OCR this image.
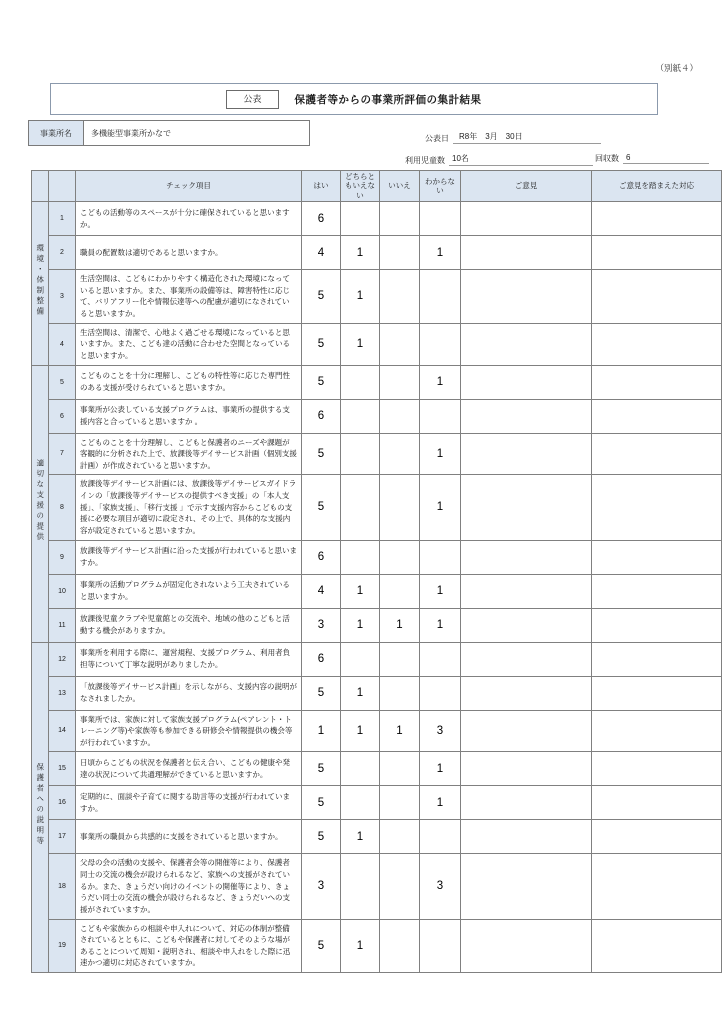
（別紙４）
公表	保護者等からの事業所評価の集計結果
事業所名	多機能型事業所かなで
公表日	R8年　3月　30日
利用児童数 10名	回収数 6
		チェック項目	はい	どちらともいえない	いいえ	わからない	ご意見	ご意見を踏まえた対応
環境・体制整備	1	こどもの活動等のスペースが十分に確保されていると思いますか。	6					
	2	職員の配置数は適切であると思いますか。	4	1		1		
	3	生活空間は、こどもにわかりやすく構造化された環境になっていると思いますか。また、事業所の設備等は、障害特性に応じて、バリアフリー化や情報伝達等への配慮が適切になされていると思いますか。	5	1				
	4	生活空間は、清潔で、心地よく過ごせる環境になっていると思いますか。また、こども達の活動に合わせた空間となっていると思いますか。	5	1				
適切な支援の提供	5	こどものことを十分に理解し、こどもの特性等に応じた専門性のある支援が受けられていると思いますか。	5			1		
	6	事業所が公表している支援プログラムは、事業所の提供する支援内容と合っていると思いますか 。	6					
	7	こどものことを十分理解し、こどもと保護者のニーズや課題が客観的に分析された上で、放課後等デイサービス計画（個別支援計画）が作成されていると思いますか。	5			1		
	8	放課後等デイサービス計画には、放課後等デイサービスガイドラインの「放課後等デイサービスの提供すべき支援」の「本人支援」、「家族支援」、「移行支援 」で示す支援内容からこどもの支援に必要な項目が適切に設定され、その上で、具体的な支援内容が設定されていると思いますか。	5			1		
	9	放課後等デイサービス計画に沿った支援が行われていると思いますか。	6					
	10	事業所の活動プログラムが固定化されないよう工夫されていると思いますか。	4	1		1		
	11	放課後児童クラブや児童館との交流や、地域の他のこどもと活動する機会がありますか。	3	1	1	1		
保護者への説明等	12	事業所を利用する際に、運営規程、支援プログラム、利用者負担等について丁寧な説明がありましたか。	6					
	13	「放課後等デイサービス計画」を示しながら、支援内容の説明がなされましたか。	5	1				
	14	事業所では、家族に対して家族支援プログラム(ペアレント・トレーニング等)や家族等も参加できる研修会や情報提供の機会等が行われていますか。	1	1	1	3		
	15	日頃からこどもの状況を保護者と伝え合い、こどもの健康や発達の状況について共通理解ができていると思いますか。	5			1		
	16	定期的に、面談や子育てに関する助言等の支援が行われていますか。	5			1		
	17	事業所の職員から共感的に支援をされていると思いますか。	5	1				
	18	父母の会の活動の支援や、保護者会等の開催等により、保護者同士の交流の機会が設けられるなど、家族への支援がされているか。また、きょうだい向けのイベントの開催等により、きょうだい同士の交流の機会が設けられるなど、きょうだいへの支援がされていますか。	3			3		
	19	こどもや家族からの相談や申入れについて、対応の体制が整備されているとともに、こどもや保護者に対してそのような場があることについて周知・説明され、相談や申入れをした際に迅速かつ適切に対応されていますか。	5	1				
